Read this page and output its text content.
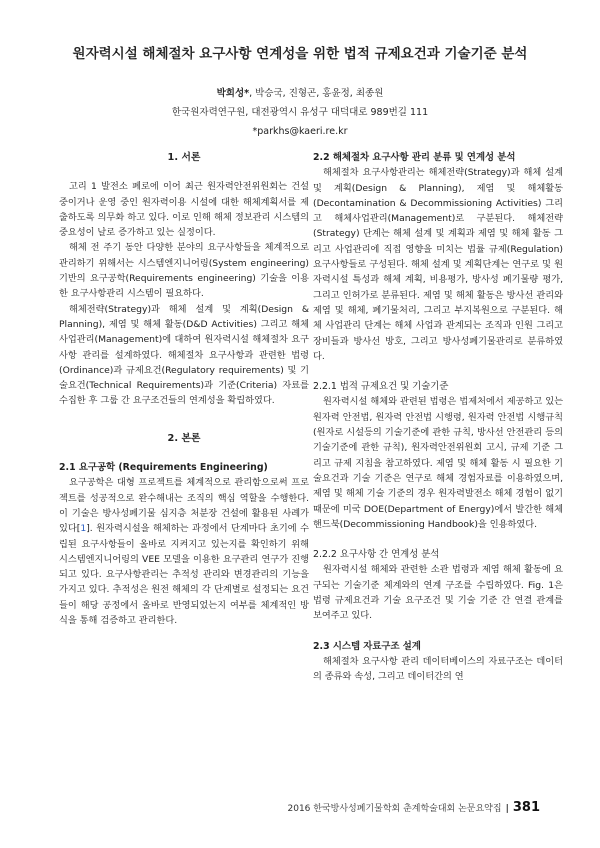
원자력시설 해체절차 요구사항 연계성을 위한 법적 규제요건과 기술기준 분석
박희성*, 박승국, 진형곤, 홍윤정, 최종원
한국원자력연구원, 대전광역시 유성구 대덕대로 989번길 111
*parkhs@kaeri.re.kr
1. 서론

고리 1 발전소 폐로에 이어 최근 원자력안전위원회는 건설 중이거나 운영 중인 원자력이용 시설에 대한 해체계획서를 제출하도록 의무화 하고 있다. 이로 인해 해체 정보관리 시스템의 중요성이 날로 증가하고 있는 실정이다.

해체 전 주기 동안 다양한 분야의 요구사항들을 체계적으로 관리하기 위해서는 시스템엔지니어링(System engineering) 기반의 요구공학(Requirements engineering) 기술을 이용한 요구사항관리 시스템이 필요하다.

해체전략(Strategy)과 해체 설계 및 계획(Design & Planning), 제염 및 해체 활동(D&D Activities) 그리고 해체 사업관리(Management)에 대하여 원자력시설 해체절차 요구사항 관리를 설계하였다. 해체절차 요구사항과 관련한 법령(Ordinance)과 규제요건(Regulatory requirements) 및 기술요건(Technical Requirements)과 기준(Criteria) 자료를 수집한 후 그룹 간 요구조건들의 연계성을 확립하였다.

2. 본론
2.1 요구공학 (Requirements Engineering)

요구공학은 대형 프로젝트를 체계적으로 관리함으로써 프로젝트를 성공적으로 완수해내는 조직의 핵심 역할을 수행한다. 이 기술은 방사성폐기물 심지층 처분장 건설에 활용된 사례가 있다[1]. 원자력시설을 해체하는 과정에서 단계마다 초기에 수립된 요구사항들이 올바로 지켜지고 있는지를 확인하기 위해 시스템엔지니어링의 VEE 모델을 이용한 요구관리 연구가 진행되고 있다. 요구사항관리는 추적성 관리와 변경관리의 기능을 가지고 있다. 추적성은 원전 해체의 각 단계별로 설정되는 요건들이 해당 공정에서 올바로 반영되었는지 여부를 체계적인 방식을 통해 검증하고 관리한다.

2.2 해체절차 요구사항 관리 분류 및 연계성 분석

해체절차 요구사항관리는 해체전략(Strategy)과 해체 설계 및 계획(Design & Planning), 제염 및 해체활동(Decontamination & Decommissioning Activities) 그리고 해체사업관리(Management)로 구분된다. 해체전략(Strategy) 단계는 해체 설계 및 계획과 제염 및 해체 활동 그리고 사업관리에 직접 영향을 미치는 법률 규제(Regulation) 요구사항들로 구성된다. 해체 설계 및 계획단계는 연구로 및 원자력시설 특성과 해체 계획, 비용평가, 방사성 폐기물량 평가, 그리고 인허가로 분류된다. 제염 및 해체 활동은 방사선 관리와 제염 및 해체, 폐기물처리, 그리고 부지복원으로 구분된다. 해체 사업관리 단계는 해체 사업과 관계되는 조직과 인원 그리고 장비들과 방사선 방호, 그리고 방사성폐기물관리로 분류하였다.

2.2.1 법적 규제요건 및 기술기준

원자력시설 해체와 관련된 법령은 법제처에서 제공하고 있는 원자력 안전법, 원자력 안전법 시행령, 원자력 안전법 시행규칙(원자로 시설등의 기술기준에 관한 규칙, 방사선 안전관리 등의 기술기준에 관한 규칙), 원자력안전위원회 고시, 규제 기준 그리고 규제 지침을 참고하였다. 제염 및 해체 활동 시 필요한 기술요건과 기술 기준은 연구로 해체 경험자료를 이용하였으며, 제염 및 해체 기술 기준의 경우 원자력발전소 해체 경험이 없기 때문에 미국 DOE(Department of Energy)에서 발간한 해체 핸드북(Decommissioning Handbook)을 인용하였다.

2.2.2 요구사항 간 연계성 분석

원자력시설 해체와 관련한 소관 법령과 제염 해체 활동에 요구되는 기술기준 체계와의 연계 구조를 수립하였다. Fig. 1은 법령 규제요건과 기술 요구조건 및 기술 기준 간 연결 관계를 보여주고 있다.

2.3 시스템 자료구조 설계

해체절차 요구사항 관리 데이터베이스의 자료구조는 데이터의 종류와 속성, 그리고 데이터간의 연

2016 한국방사성폐기물학회 춘계학술대회 논문요약집 | 381
